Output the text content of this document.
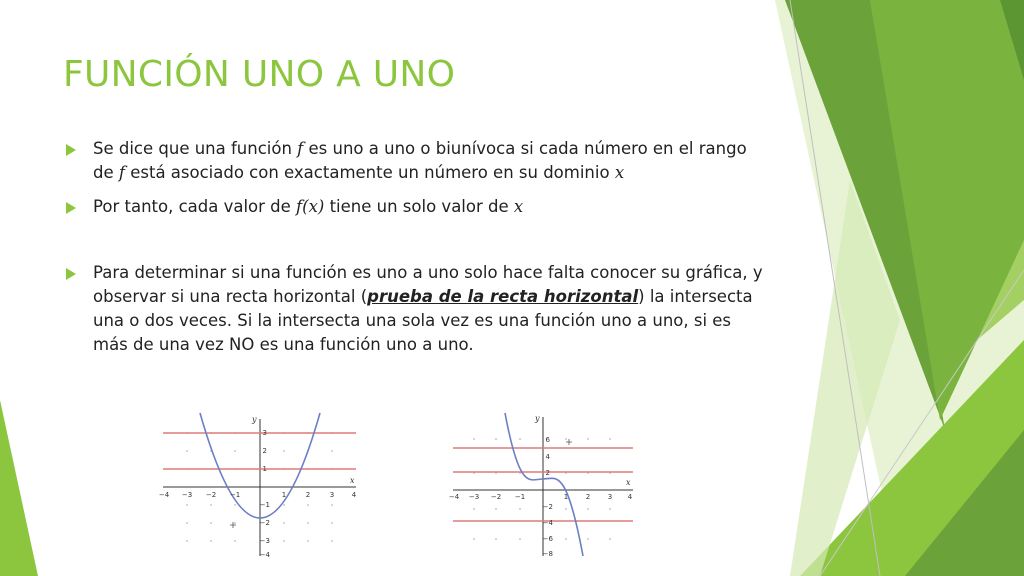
FUNCIÓN UNO A UNO
Se dice que una función 𝑓 es uno a uno o biunívoca si cada número en el rango de 𝑓 está asociado con exactamente un número en su dominio 𝑥
Por tanto, cada valor de 𝑓(𝑥) tiene un solo valor de 𝑥
Para determinar si una función es uno a uno solo hace falta conocer su gráfica, y observar si una recta horizontal (prueba de la recta horizontal) la intersecta una o dos veces. Si la intersecta una sola vez es una función uno a uno, si es más de una vez NO es una función uno a uno.
−4 −3 −2 −1	1	2	3	4
3
2
1
−1
−2
−3
−4
x
y
−4 −3 −2 −1	1	2	3 4
6
4
2
−2
−4
−6
−8
x
y
